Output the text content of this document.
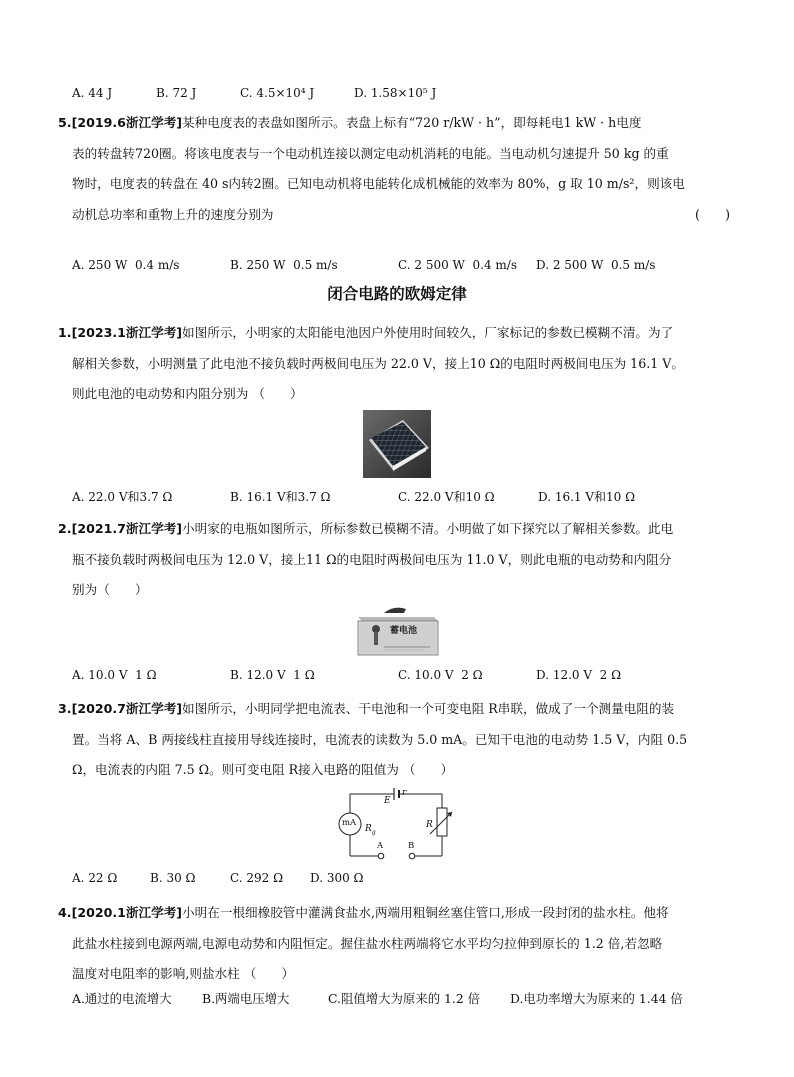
A. 44 J	B. 72 J	C. 4.5×10⁴ J	D. 1.58×10⁵ J
5.[2019.6浙江学考]某种电度表的表盘如图所示。表盘上标有“720 r/kW · h”，即每耗电1 kW · h电度
表的转盘转720圈。将该电度表与一个电动机连接以测定电动机消耗的电能。当电动机匀速提升 50 kg 的重
物时，电度表的转盘在 40 s内转2圈。已知电动机将电能转化成机械能的效率为 80%，g 取 10 m/s²，则该电
动机总功率和重物上升的速度分别为	(　　)
A. 250 W  0.4 m/s	B. 250 W  0.5 m/s	C. 2 500 W  0.4 m/s	D. 2 500 W  0.5 m/s
闭合电路的欧姆定律
1.[2023.1浙江学考]如图所示，小明家的太阳能电池因户外使用时间较久，厂家标记的参数已模糊不清。为了
解相关参数，小明测量了此电池不接负载时两极间电压为 22.0 V，接上10 Ω的电阻时两极间电压为 16.1 V。
则此电池的电动势和内阻分别为 （　　）
A. 22.0 V和3.7 Ω	B. 16.1 V和3.7 Ω	C. 22.0 V和10 Ω	D. 16.1 V和10 Ω
2.[2021.7浙江学考]小明家的电瓶如图所示，所标参数已模糊不清。小明做了如下探究以了解相关参数。此电
瓶不接负载时两极间电压为 12.0 V，接上11 Ω的电阻时两极间电压为 11.0 V，则此电瓶的电动势和内阻分
别为（　　）
蓄电池
A. 10.0 V  1 Ω	B. 12.0 V  1 Ω	C. 10.0 V  2 Ω	D. 12.0 V  2 Ω
3.[2020.7浙江学考]如图所示，小明同学把电流表、干电池和一个可变电阻 R串联，做成了一个测量电阻的装
置。当将 A、B 两接线柱直接用导线连接时，电流表的读数为 5.0 mA。已知干电池的电动势 1.5 V，内阻 0.5
Ω，电流表的内阻 7.5 Ω。则可变电阻 R接入电路的阻值为 （　　）
E
r
mA
$R_g$
R
A	B
A. 22 Ω	B. 30 Ω	C. 292 Ω	D. 300 Ω
4.[2020.1浙江学考]小明在一根细橡胶管中灌满食盐水,两端用粗铜丝塞住管口,形成一段封闭的盐水柱。他将
此盐水柱接到电源两端,电源电动势和内阻恒定。握住盐水柱两端将它水平均匀拉伸到原长的 1.2 倍,若忽略
温度对电阻率的影响,则盐水柱 （　　）
A.通过的电流增大	B.两端电压增大	C.阻值增大为原来的 1.2 倍	D.电功率增大为原来的 1.44 倍
